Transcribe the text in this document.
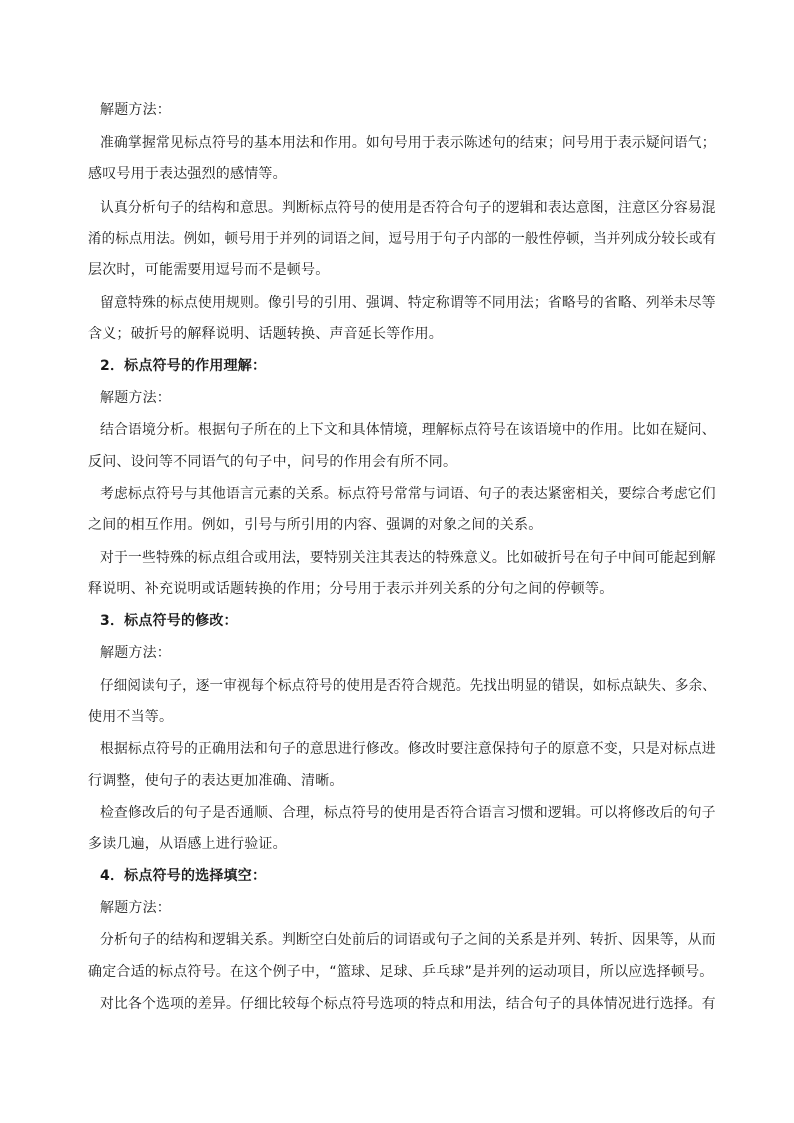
解题方法：
准确掌握常见标点符号的基本用法和作用。如句号用于表示陈述句的结束；问号用于表示疑问语气；
感叹号用于表达强烈的感情等。
认真分析句子的结构和意思。判断标点符号的使用是否符合句子的逻辑和表达意图，注意区分容易混
淆的标点用法。例如，顿号用于并列的词语之间，逗号用于句子内部的一般性停顿，当并列成分较长或有
层次时，可能需要用逗号而不是顿号。
留意特殊的标点使用规则。像引号的引用、强调、特定称谓等不同用法；省略号的省略、列举未尽等
含义；破折号的解释说明、话题转换、声音延长等作用。
2．标点符号的作用理解：
解题方法：
结合语境分析。根据句子所在的上下文和具体情境，理解标点符号在该语境中的作用。比如在疑问、
反问、设问等不同语气的句子中，问号的作用会有所不同。
考虑标点符号与其他语言元素的关系。标点符号常常与词语、句子的表达紧密相关，要综合考虑它们
之间的相互作用。例如，引号与所引用的内容、强调的对象之间的关系。
对于一些特殊的标点组合或用法，要特别关注其表达的特殊意义。比如破折号在句子中间可能起到解
释说明、补充说明或话题转换的作用；分号用于表示并列关系的分句之间的停顿等。
3．标点符号的修改：
解题方法：
仔细阅读句子，逐一审视每个标点符号的使用是否符合规范。先找出明显的错误，如标点缺失、多余、
使用不当等。
根据标点符号的正确用法和句子的意思进行修改。修改时要注意保持句子的原意不变，只是对标点进
行调整，使句子的表达更加准确、清晰。
检查修改后的句子是否通顺、合理，标点符号的使用是否符合语言习惯和逻辑。可以将修改后的句子
多读几遍，从语感上进行验证。
4．标点符号的选择填空：
解题方法：
分析句子的结构和逻辑关系。判断空白处前后的词语或句子之间的关系是并列、转折、因果等，从而
确定合适的标点符号。在这个例子中，“篮球、足球、乒乓球”是并列的运动项目，所以应选择顿号。
对比各个选项的差异。仔细比较每个标点符号选项的特点和用法，结合句子的具体情况进行选择。有
